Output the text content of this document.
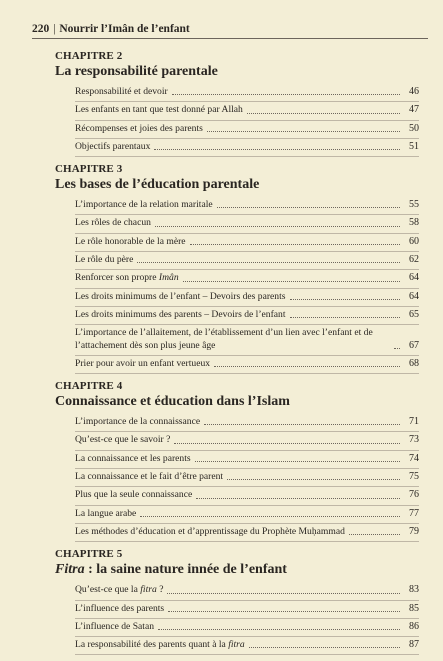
220 | Nourrir l’Imân de l’enfant
CHAPITRE 2
La responsabilité parentale
Responsabilité et devoir	46
Les enfants en tant que test donné par Allah	47
Récompenses et joies des parents	50
Objectifs parentaux	51
CHAPITRE 3
Les bases de l’éducation parentale
L’importance de la relation maritale	55
Les rôles de chacun	58
Le rôle honorable de la mère	60
Le rôle du père	62
Renforcer son propre Imân	64
Les droits minimums de l’enfant – Devoirs des parents	64
Les droits minimums des parents – Devoirs de l’enfant	65
L’importance de l’allaitement, de l’établissement d’un lien avec l’enfant et de l’attachement dès son plus jeune âge	67
Prier pour avoir un enfant vertueux	68
CHAPITRE 4
Connaissance et éducation dans l’Islam
L’importance de la connaissance	71
Qu’est-ce que le savoir ?	73
La connaissance et les parents	74
La connaissance et le fait d’être parent	75
Plus que la seule connaissance	76
La langue arabe	77
Les méthodes d’éducation et d’apprentissage du Prophète Muḥammad	79
CHAPITRE 5
Fitra : la saine nature innée de l’enfant
Qu’est-ce que la fitra ?	83
L’influence des parents	85
L’influence de Satan	86
La responsabilité des parents quant à la fitra	87
